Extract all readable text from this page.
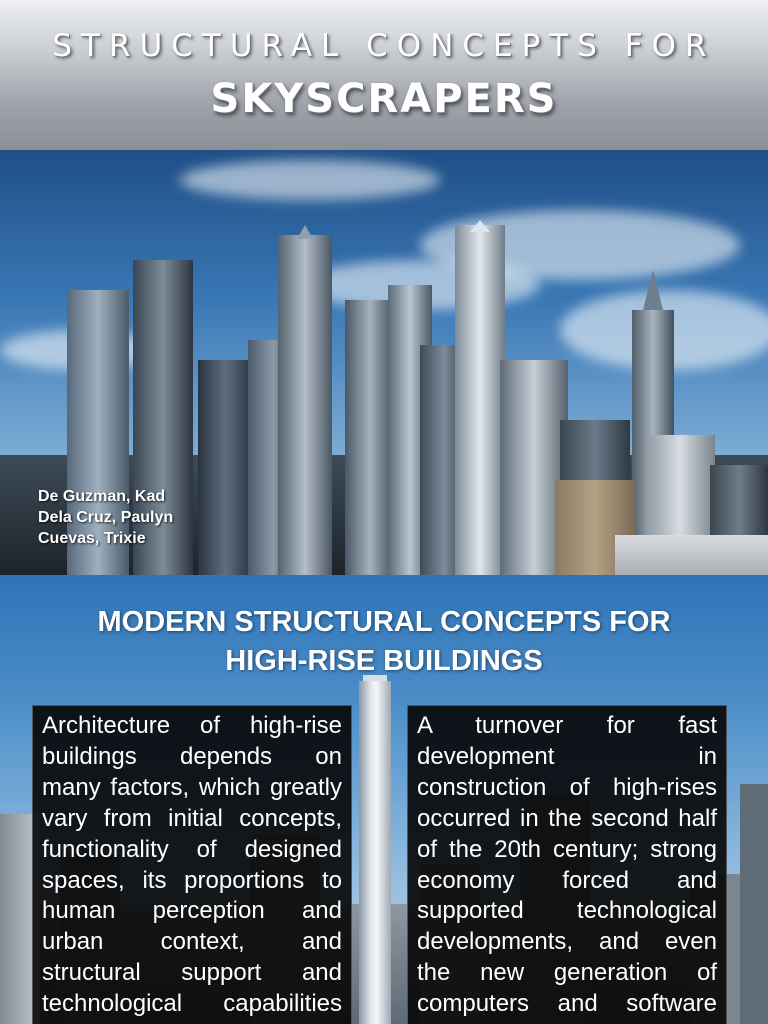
STRUCTURAL CONCEPTS FOR
SKYSCRAPERS
De Guzman, Kad
Dela Cruz, Paulyn
Cuevas, Trixie
MODERN STRUCTURAL CONCEPTS FOR
HIGH-RISE BUILDINGS
Architecture of high-rise
buildings depends on
many factors, which greatly
vary from initial concepts,
functionality of designed
spaces, its proportions to
human perception and
urban context, and
structural support and
technological capabilities
A turnover for fast
development in
construction of high-rises
occurred in the second half
of the 20th century; strong
economy forced and
supported technological
developments, and even
the new generation of
computers and software
